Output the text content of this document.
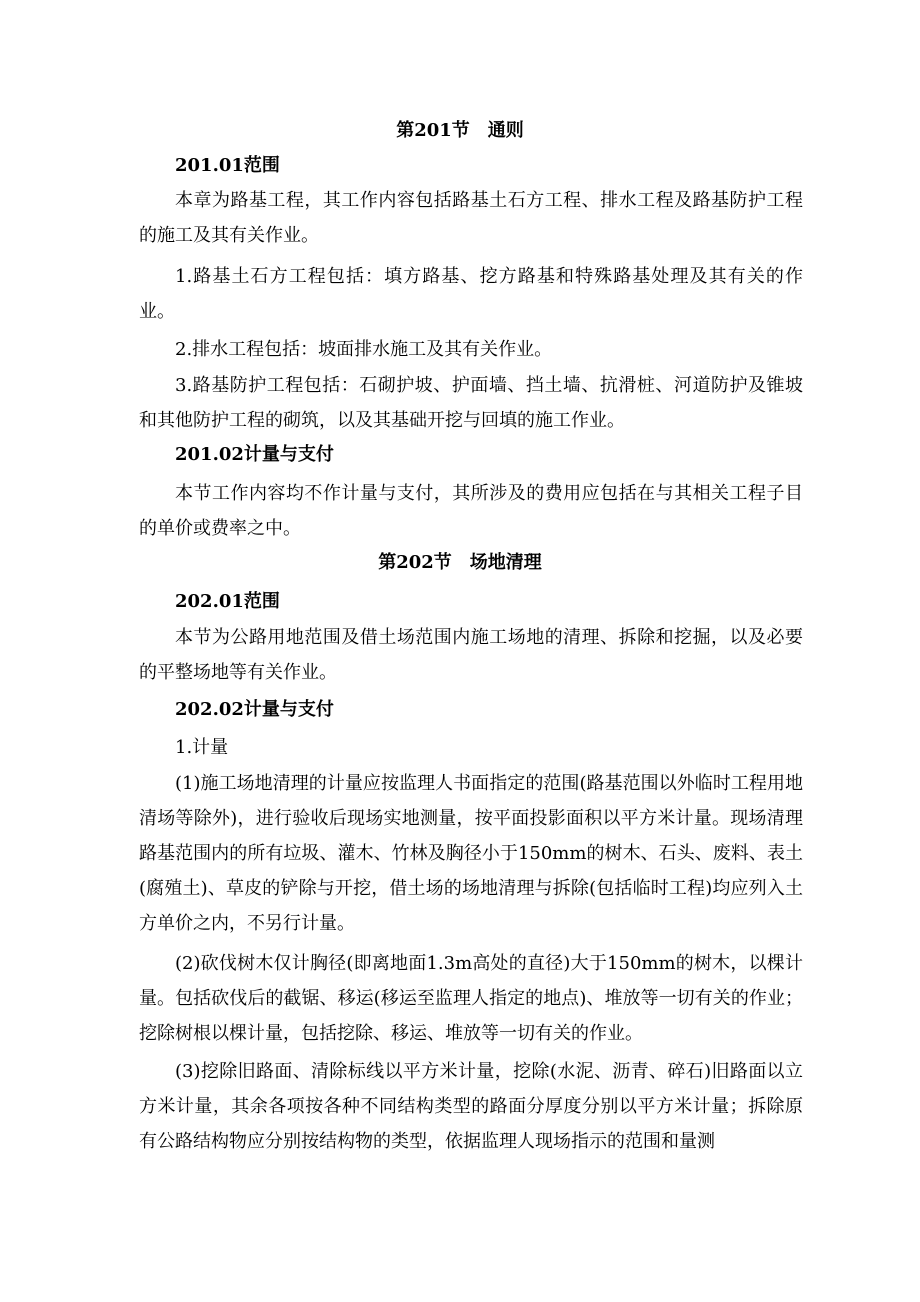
第201节　通则
201.01范围

本章为路基工程，其工作内容包括路基土石方工程、排水工程及路基防护工程的施工及其有关作业。

1.路基土石方工程包括：填方路基、挖方路基和特殊路基处理及其有关的作业。

2.排水工程包括：坡面排水施工及其有关作业。

3.路基防护工程包括：石砌护坡、护面墙、挡土墙、抗滑桩、河道防护及锥坡和其他防护工程的砌筑，以及其基础开挖与回填的施工作业。

201.02计量与支付

本节工作内容均不作计量与支付，其所涉及的费用应包括在与其相关工程子目的单价或费率之中。

第202节　场地清理
202.01范围

本节为公路用地范围及借土场范围内施工场地的清理、拆除和挖掘，以及必要的平整场地等有关作业。

202.02计量与支付

1.计量

(1)施工场地清理的计量应按监理人书面指定的范围(路基范围以外临时工程用地清场等除外)，进行验收后现场实地测量，按平面投影面积以平方米计量。现场清理路基范围内的所有垃圾、灌木、竹林及胸径小于150mm的树木、石头、废料、表土(腐殖土)、草皮的铲除与开挖，借土场的场地清理与拆除(包括临时工程)均应列入土方单价之内，不另行计量。

(2)砍伐树木仅计胸径(即离地面1.3m高处的直径)大于150mm的树木，以棵计量。包括砍伐后的截锯、移运(移运至监理人指定的地点)、堆放等一切有关的作业；挖除树根以棵计量，包括挖除、移运、堆放等一切有关的作业。

(3)挖除旧路面、清除标线以平方米计量，挖除(水泥、沥青、碎石)旧路面以立方米计量，其余各项按各种不同结构类型的路面分厚度分别以平方米计量；拆除原有公路结构物应分别按结构物的类型，依据监理人现场指示的范围和量测
